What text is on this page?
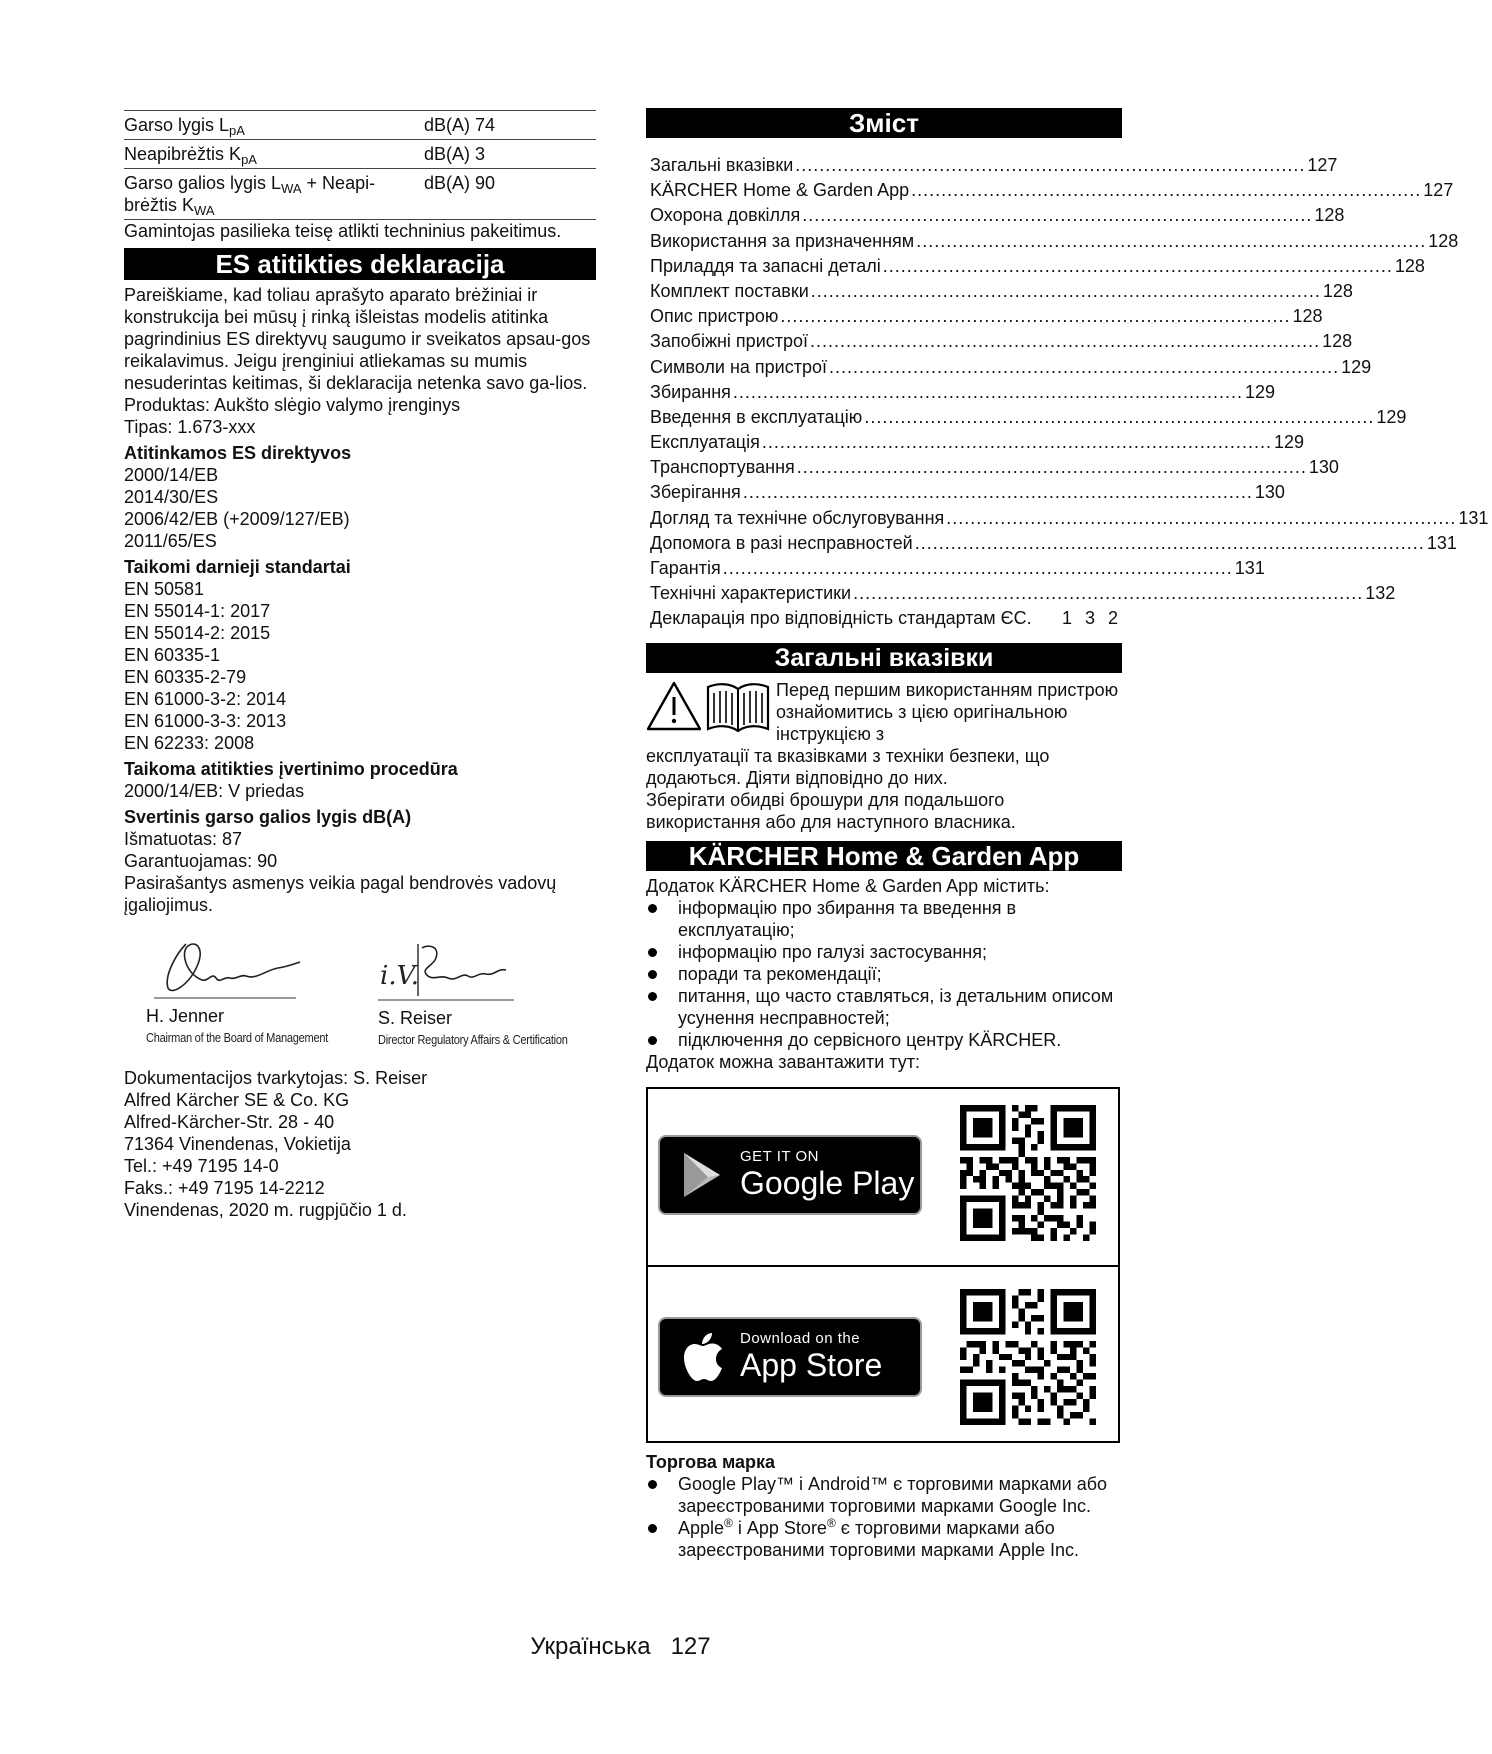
Garso lygis $L_{pA}$	dB(A) 74
Neapibrėžtis $K_{pA}$	dB(A) 3
Garso galios lygis $L_{WA}$ + Neapi-brėžtis $K_{WA}$	dB(A) 90

Gamintojas pasilieka teisę atlikti techninius pakeitimus.

ES atitikties deklaracija

Pareiškiame, kad toliau aprašyto aparato brėžiniai ir konstrukcija bei mūsų į rinką išleistas modelis atitinka pagrindinius ES direktyvų saugumo ir sveikatos apsau-gos reikalavimus. Jeigu įrenginiui atliekamas su mumis nesuderintas keitimas, ši deklaracija netenka savo ga-lios.

Produktas: Aukšto slėgio valymo įrenginys

Tipas: 1.673-xxx

Atitinkamos ES direktyvos

2000/14/EB

2014/30/ES

2006/42/EB (+2009/127/EB)

2011/65/ES

Taikomi darnieji standartai

EN 50581

EN 55014-1: 2017

EN 55014-2: 2015

EN 60335-1

EN 60335-2-79

EN 61000-3-2: 2014

EN 61000-3-3: 2013

EN 62233: 2008

Taikoma atitikties įvertinimo procedūra

2000/14/EB: V priedas

Svertinis garso galios lygis dB(A)

Išmatuotas: 87

Garantuojamas: 90

Pasirašantys asmenys veikia pagal bendrovės vadovų įgaliojimus.

H. Jenner
Chairman of the Board of Management
i.V.
S. Reiser
Director Regulatory Affairs & Certification

Dokumentacijos tvarkytojas: S. Reiser

Alfred Kärcher SE & Co. KG

Alfred-Kärcher-Str. 28 - 40

71364 Vinendenas, Vokietija

Tel.: +49 7195 14-0

Faks.: +49 7195 14-2212

Vinendenas, 2020 m. rugpjūčio 1 d.

Зміст
Загальні вказівки ..................................................................................... 127
KÄRCHER Home & Garden App ..................................................................................... 127
Охорона довкілля ..................................................................................... 128
Використання за призначенням ..................................................................................... 128
Приладдя та запасні деталі ..................................................................................... 128
Комплект поставки ..................................................................................... 128
Опис пристрою ..................................................................................... 128
Запобіжні пристрої ..................................................................................... 128
Символи на пристрої ..................................................................................... 129
Збирання ..................................................................................... 129
Введення в експлуатацію ..................................................................................... 129
Експлуатація ..................................................................................... 129
Транспортування ..................................................................................... 130
Зберігання ..................................................................................... 130
Догляд та технічне обслуговування ..................................................................................... 131
Допомога в разі несправностей ..................................................................................... 131
Гарантія ..................................................................................... 131
Технічні характеристики ..................................................................................... 132
Декларація про відповідність стандартам ЄС.	1 3 2
Загальні вказівки

Перед першим використанням пристрою ознайомитись з цією оригінальною інструкцією з

експлуатації та вказівками з техніки безпеки, що додаються. Діяти відповідно до них.

Зберігати обидві брошури для подальшого використання або для наступного власника.

KÄRCHER Home & Garden App

Додаток KÄRCHER Home & Garden App містить:

інформацію про збирання та введення в експлуатацію;
інформацію про галузі застосування;
поради та рекомендації;
питання, що часто ставляться, із детальним описом усунення несправностей;
підключення до сервісного центру KÄRCHER.

Додаток можна завантажити тут:

GET IT ON
Google Play
Download on the
App Store

Торгова марка

Google Play™ і Android™ є торговими марками або зареєстрованими торговими марками Google Inc.
Apple® і App Store® є торговими марками або зареєстрованими торговими марками Apple Inc.
Українська 127
